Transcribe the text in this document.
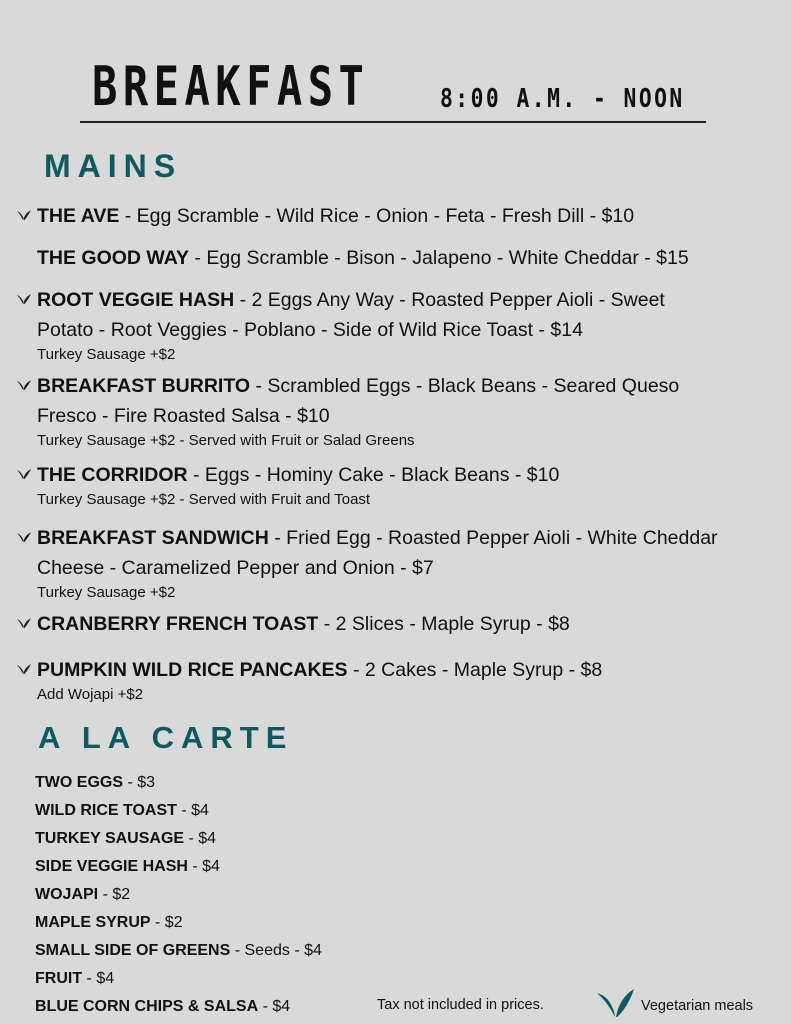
BREAKFAST	8:00 A.M. - NOON
MAINS
THE AVE - Egg Scramble - Wild Rice - Onion - Feta - Fresh Dill - $10
THE GOOD WAY - Egg Scramble - Bison - Jalapeno - White Cheddar - $15
ROOT VEGGIE HASH - 2 Eggs Any Way - Roasted Pepper Aioli - Sweet
Potato - Root Veggies - Poblano - Side of Wild Rice Toast - $14
Turkey Sausage +$2
BREAKFAST BURRITO - Scrambled Eggs - Black Beans - Seared Queso
Fresco - Fire Roasted Salsa - $10
Turkey Sausage +$2 - Served with Fruit or Salad Greens
THE CORRIDOR - Eggs - Hominy Cake - Black Beans - $10
Turkey Sausage +$2 - Served with Fruit and Toast
BREAKFAST SANDWICH - Fried Egg - Roasted Pepper Aioli - White Cheddar
Cheese - Caramelized Pepper and Onion - $7
Turkey Sausage +$2
CRANBERRY FRENCH TOAST - 2 Slices - Maple Syrup - $8
PUMPKIN WILD RICE PANCAKES - 2 Cakes - Maple Syrup - $8
Add Wojapi +$2
A LA CARTE
TWO EGGS - $3
WILD RICE TOAST - $4
TURKEY SAUSAGE - $4
SIDE VEGGIE HASH - $4
WOJAPI - $2
MAPLE SYRUP - $2
SMALL SIDE OF GREENS - Seeds - $4
FRUIT - $4
BLUE CORN CHIPS & SALSA - $4	Tax not included in prices.	Vegetarian meals
